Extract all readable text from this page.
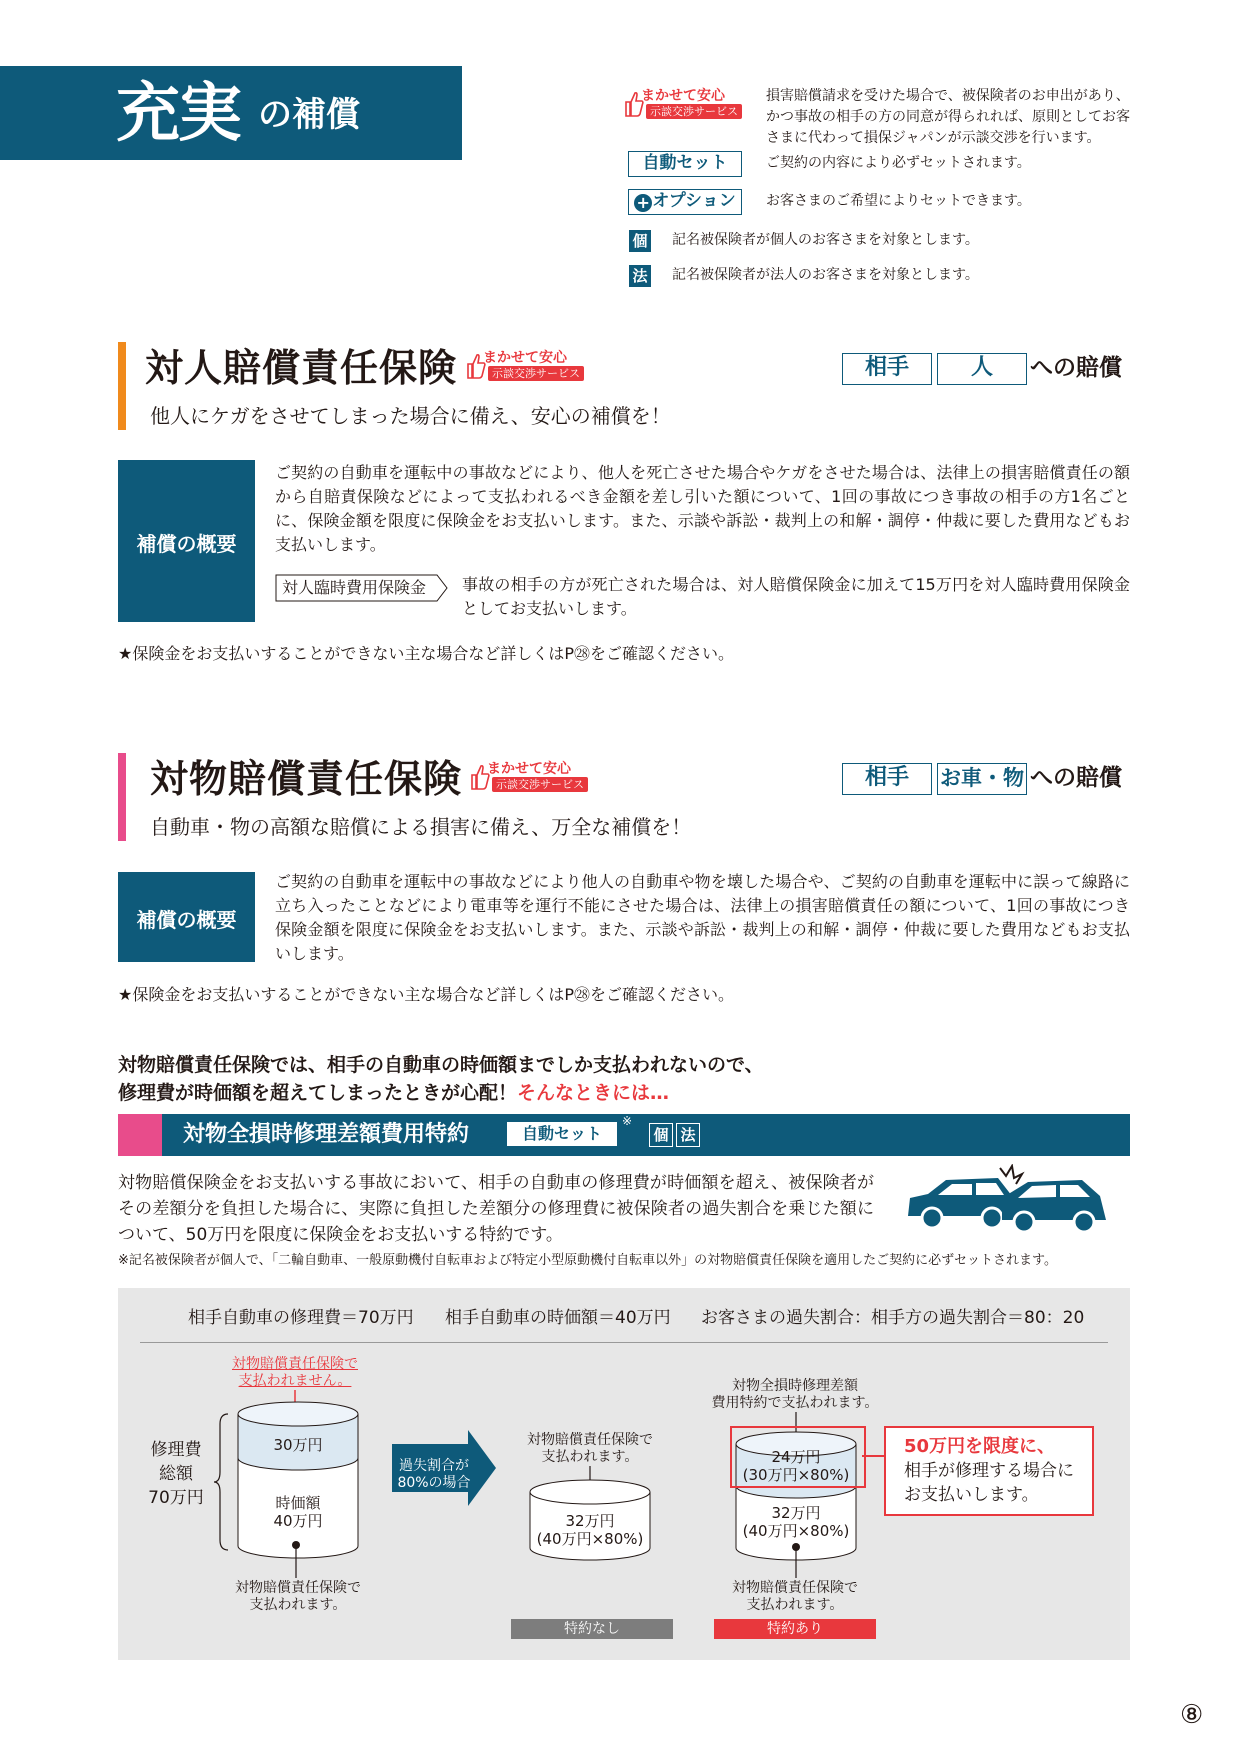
充実 の補償	まかせて安心
示談交渉サービス
損害賠償請求を受けた場合で、被保険者のお申出があり、かつ事故の相手の方の同意が得られれば、原則としてお客さまに代わって損保ジャパンが示談交渉を行います。
自動セット	ご契約の内容により必ずセットされます。
+ オプション	お客さまのご希望によりセットできます。
個 記名被保険者が個人のお客さまを対象とします。
法 記名被保険者が法人のお客さまを対象とします。
対人賠償責任保険	まかせて安心
示談交渉サービス	相手	人	への賠償
他人にケガをさせてしまった場合に備え、安心の補償を！
補償の概要
ご契約の自動車を運転中の事故などにより、他人を死亡させた場合やケガをさせた場合は、法律上の損害賠償責任の額から自賠責保険などによって支払われるべき金額を差し引いた額について、1回の事故につき事故の相手の方1名ごとに、保険金額を限度に保険金をお支払いします。また、示談や訴訟・裁判上の和解・調停・仲裁に要した費用などもお支払いします。
対人臨時費用保険金 事故の相手の方が死亡された場合は、対人賠償保険金に加えて15万円を対人臨時費用保険金としてお支払いします。
★保険金をお支払いすることができない主な場合など詳しくはP㉘をご確認ください。
対物賠償責任保険	まかせて安心
示談交渉サービス	相手	お車・物 への賠償
自動車・物の高額な賠償による損害に備え、万全な補償を！
補償の概要
ご契約の自動車を運転中の事故などにより他人の自動車や物を壊した場合や、ご契約の自動車を運転中に誤って線路に立ち入ったことなどにより電車等を運行不能にさせた場合は、法律上の損害賠償責任の額について、1回の事故につき保険金額を限度に保険金をお支払いします。また、示談や訴訟・裁判上の和解・調停・仲裁に要した費用などもお支払いします。
★保険金をお支払いすることができない主な場合など詳しくはP㉘をご確認ください。
対物賠償責任保険では、相手の自動車の時価額までしか支払われないので、
修理費が時価額を超えてしまったときが心配！そんなときには…
対物全損時修理差額費用特約	自動セット
※
個 法
対物賠償保険金をお支払いする事故において、相手の自動車の修理費が時価額を超え、被保険者がその差額分を負担した場合に、実際に負担した差額分の修理費に被保険者の過失割合を乗じた額について、50万円を限度に保険金をお支払いする特約です。
※記名被保険者が個人で、「二輪自動車、一般原動機付自転車および特定小型原動機付自転車以外」の対物賠償責任保険を適用したご契約に必ずセットされます。
相手自動車の修理費＝70万円 相手自動車の時価額＝40万円 お客さまの過失割合：相手方の過失割合＝80：20
対物賠償責任保険で
支払われません。
30万円
時価額
40万円
修理費
総額
70万円
対物賠償責任保険で
支払われます。
過失割合が
80%の場合
対物賠償責任保険で
支払われます。
32万円
(40万円×80%)
特約なし
対物全損時修理差額
費用特約で支払われます。
24万円
(30万円×80%)
32万円
(40万円×80%)
対物賠償責任保険で
支払われます。
特約あり
50万円を限度に、
相手が修理する場合に
お支払いします。
⑧
